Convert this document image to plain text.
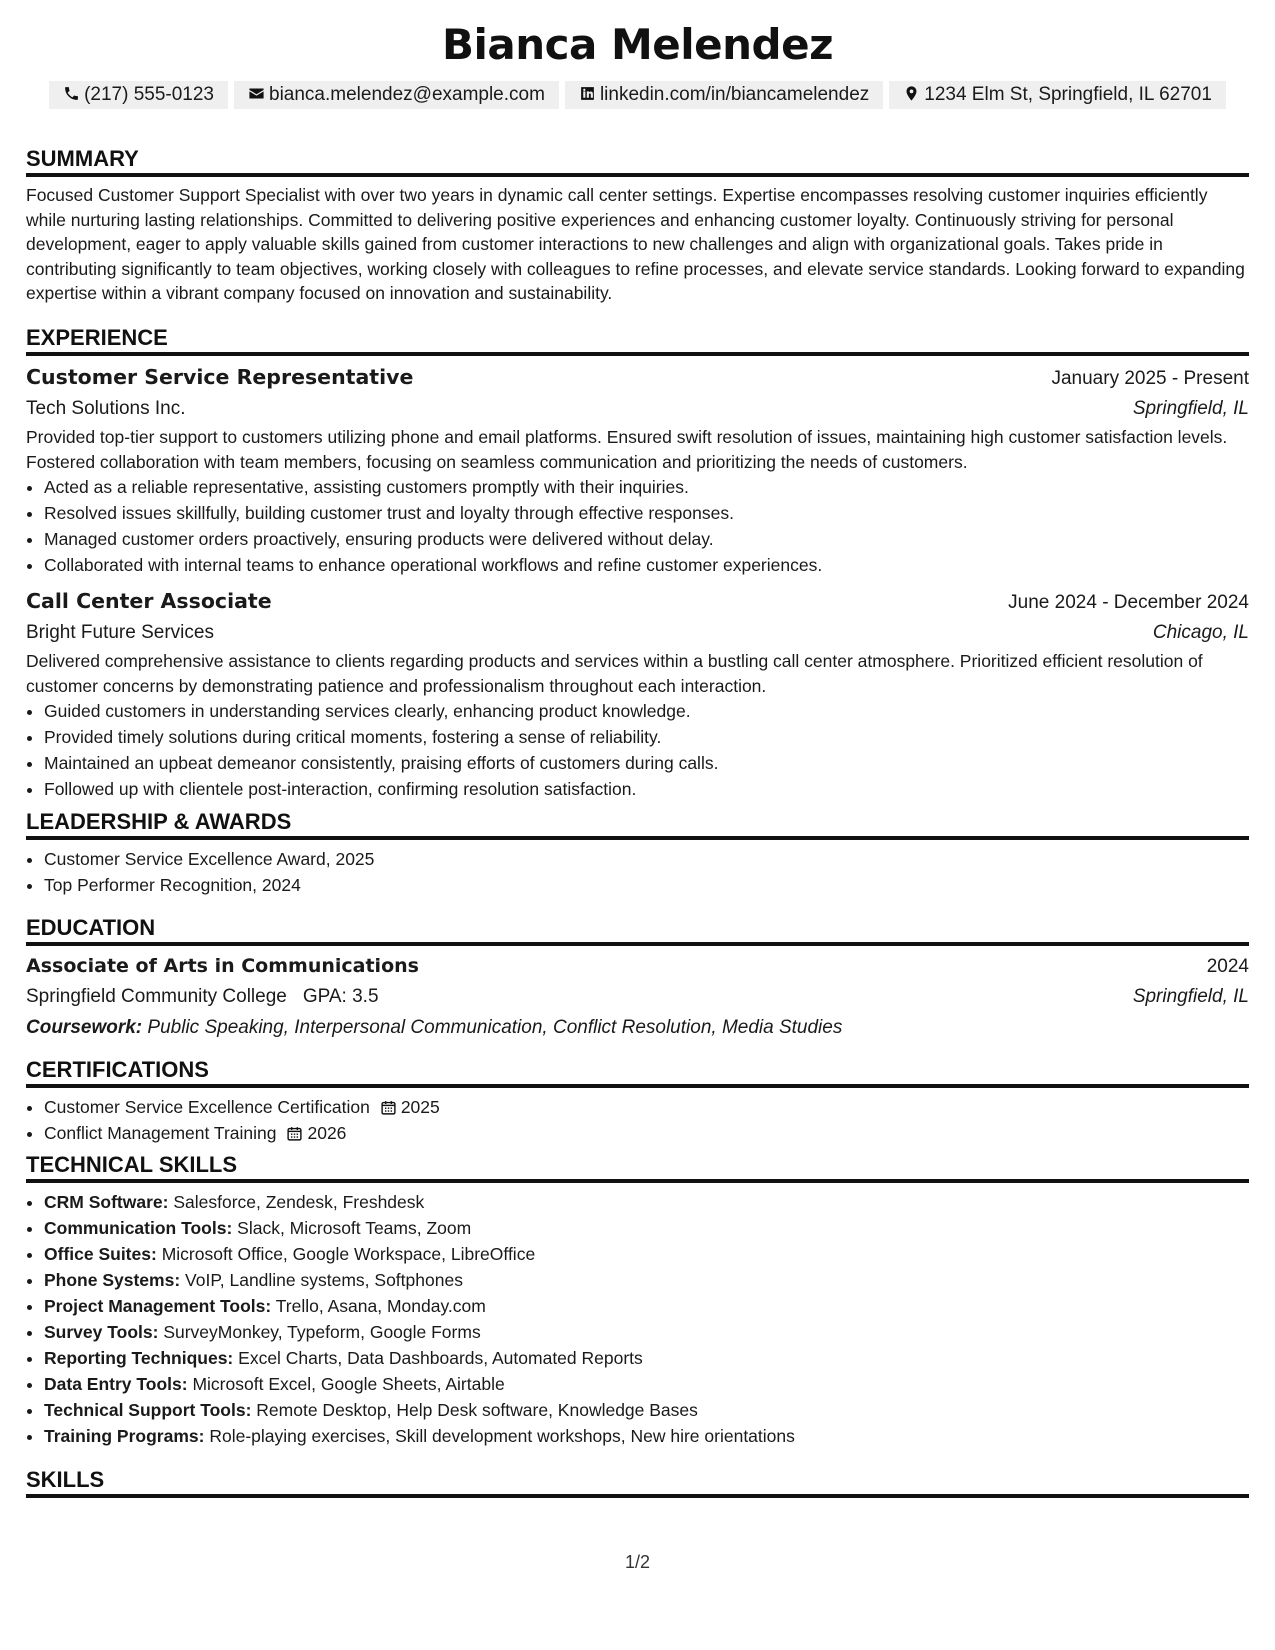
Bianca Melendez
(217) 555-0123	bianca.melendez@example.com	linkedin.com/in/biancamelendez	1234 Elm St, Springfield, IL 62701
SUMMARY

Focused Customer Support Specialist with over two years in dynamic call center settings. Expertise encompasses resolving customer inquiries efficiently while nurturing lasting relationships. Committed to delivering positive experiences and enhancing customer loyalty. Continuously striving for personal development, eager to apply valuable skills gained from customer interactions to new challenges and align with organizational goals. Takes pride in contributing significantly to team objectives, working closely with colleagues to refine processes, and elevate service standards. Looking forward to expanding expertise within a vibrant company focused on innovation and sustainability.

EXPERIENCE
Customer Service Representative	January 2025 - Present
Tech Solutions Inc.	Springfield, IL

Provided top-tier support to customers utilizing phone and email platforms. Ensured swift resolution of issues, maintaining high customer satisfaction levels. Fostered collaboration with team members, focusing on seamless communication and prioritizing the needs of customers.

• Acted as a reliable representative, assisting customers promptly with their inquiries.
• Resolved issues skillfully, building customer trust and loyalty through effective responses.
• Managed customer orders proactively, ensuring products were delivered without delay.
• Collaborated with internal teams to enhance operational workflows and refine customer experiences.
Call Center Associate	June 2024 - December 2024
Bright Future Services	Chicago, IL

Delivered comprehensive assistance to clients regarding products and services within a bustling call center atmosphere. Prioritized efficient resolution of customer concerns by demonstrating patience and professionalism throughout each interaction.

• Guided customers in understanding services clearly, enhancing product knowledge.
• Provided timely solutions during critical moments, fostering a sense of reliability.
• Maintained an upbeat demeanor consistently, praising efforts of customers during calls.
• Followed up with clientele post-interaction, confirming resolution satisfaction.
LEADERSHIP & AWARDS
• Customer Service Excellence Award, 2025
• Top Performer Recognition, 2024
EDUCATION
Associate of Arts in Communications	2024
Springfield Community College GPA: 3.5	Springfield, IL
Coursework: Public Speaking, Interpersonal Communication, Conflict Resolution, Media Studies
CERTIFICATIONS
• Customer Service Excellence Certification 2025
• Conflict Management Training 2026
TECHNICAL SKILLS
• CRM Software: Salesforce, Zendesk, Freshdesk
• Communication Tools: Slack, Microsoft Teams, Zoom
• Office Suites: Microsoft Office, Google Workspace, LibreOffice
• Phone Systems: VoIP, Landline systems, Softphones
• Project Management Tools: Trello, Asana, Monday.com
• Survey Tools: SurveyMonkey, Typeform, Google Forms
• Reporting Techniques: Excel Charts, Data Dashboards, Automated Reports
• Data Entry Tools: Microsoft Excel, Google Sheets, Airtable
• Technical Support Tools: Remote Desktop, Help Desk software, Knowledge Bases
• Training Programs: Role-playing exercises, Skill development workshops, New hire orientations
SKILLS
1/2
